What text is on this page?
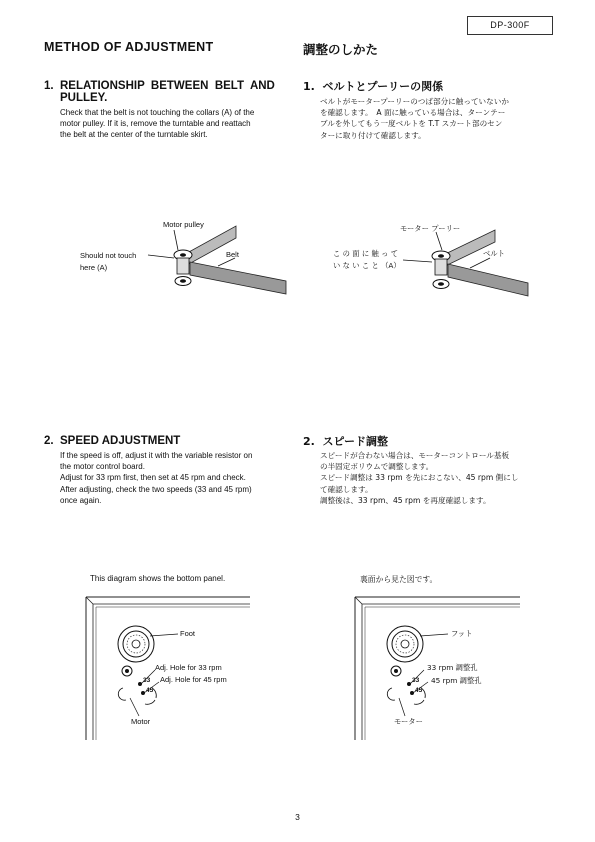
DP-300F
METHOD OF ADJUSTMENT	調整のしかた
1.  RELATIONSHIP  BETWEEN  BELT  AND
PULLEY.
Check that the belt is not touching the collars (A) of the
motor pulley. If it is, remove the turntable and reattach
the belt at the center of the turntable skirt.
1.  ベルトとプーリーの関係
ベルトがモータープーリーのつば部分に触っていないか
を確認します。　A 面に触っている場合は、ターンテー
ブルを外してもう一度ベルトを T.T スカート部のセン
ターに取り付けて確認します。
Motor pulley
Should not touch
here (A)
Belt
モーター プーリー
こ の 面 に 触 っ て
い な い こ と （A）
ベルト
2.  SPEED ADJUSTMENT
If the speed is off, adjust it with the variable resistor on
the motor control board.
Adjust for 33 rpm first, then set at 45 rpm and check.
After adjusting, check the two speeds (33 and 45 rpm)
once again.
2.  スピード調整
スピードが合わない場合は、モーターコントロール基板
の半固定ボリウムで調整します。
スピード調整は 33 rpm を先におこない、45 rpm 側にし
て確認します。
調整後は、33 rpm、45 rpm を再度確認します。
This diagram shows the bottom panel.
Foot
Adj. Hole for 33 rpm
Adj. Hole for 45 rpm
33
45
Motor
裏面から見た図です。
フット
33 rpm 調整孔
45 rpm 調整孔
33
45
モーター
3
